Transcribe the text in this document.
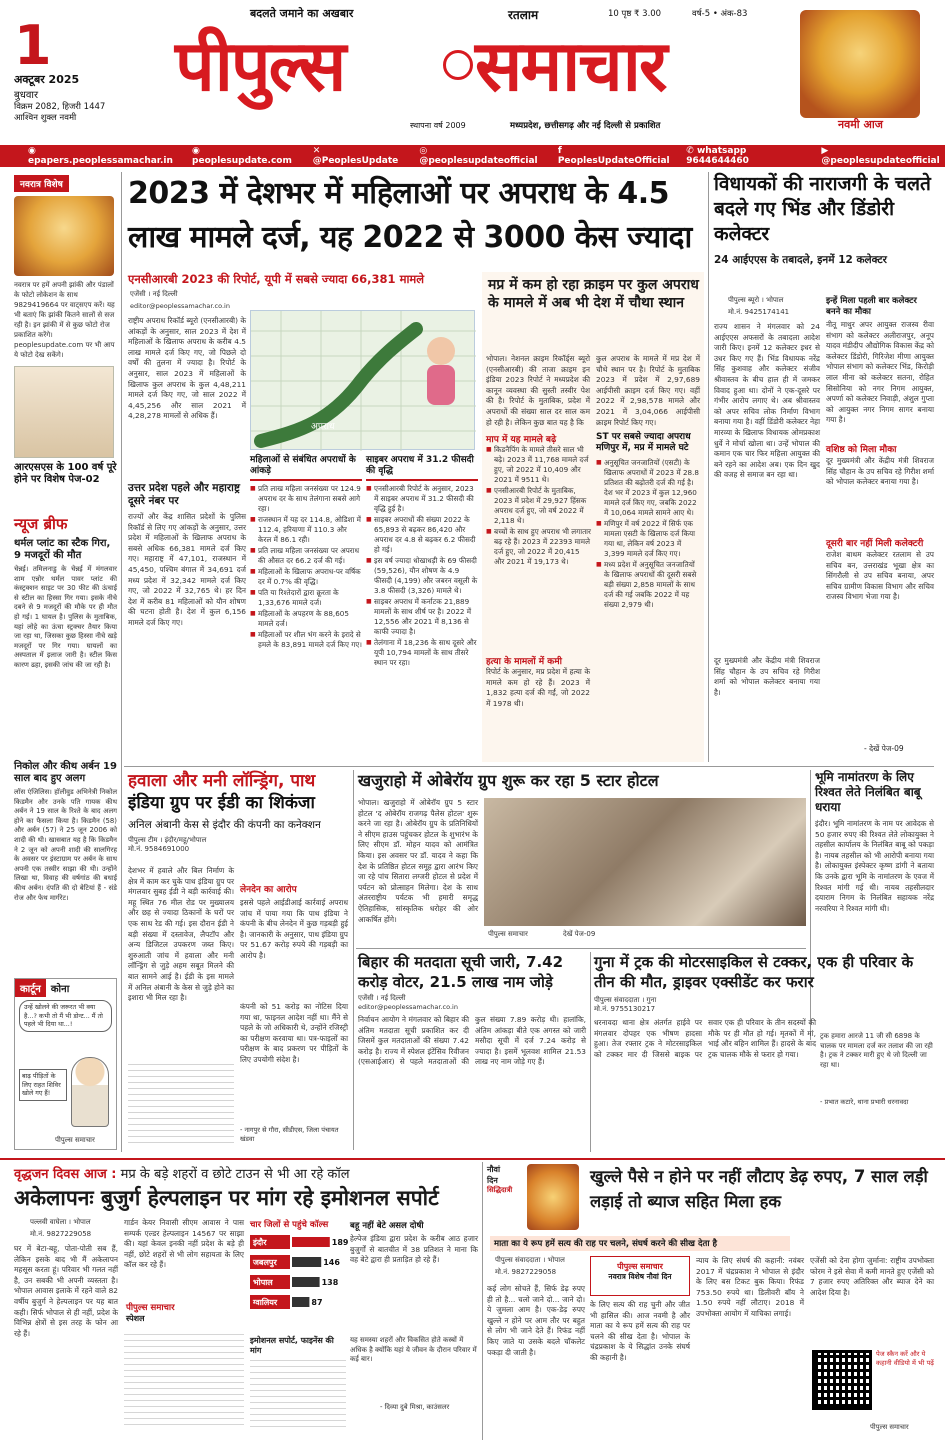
1
अक्टूबर 2025
बुधवार
विक्रम 2082, हिजरी 1447
आश्विन शुक्ल नवमी
बदलते जमाने का अखबार	रतलाम	10 पृष्ठ ₹ 3.00	वर्ष-5 • अंक-83
पीपुल्स समाचार
स्थापना वर्ष 2009	मध्यप्रदेश, छत्तीसगढ़ और नई दिल्ली से प्रकाशित	नवमी आज
◉ epapers.peoplessamachar.in
◉ peoplesupdate.com
✕ @PeoplesUpdate
◎ @peoplesupdateofficial
f PeoplesUpdateOfficial
✆ whatsapp 9644644460
▶ @peoplesupdateofficial
नवरात्र विशेष
नवरात्र पर हमें अपनी झांकी और पंडालों के फोटो लोकेशन के साथ 9829419664 पर वाट्सएप करें। यह भी बताएं कि झांकी कितने सालों से सज रही है। इन झांकी में से कुछ फोटो रोज प्रकाशित करेंगे। peoplesupdate.com पर भी आप ये फोटो देख सकेंगे।
आरएसएस के 100 वर्ष पूरे होने पर विशेष पेज-02
न्यूज ब्रीफ
थर्मल प्लांट का स्टैक गिरा, 9 मजदूरों की मौत
चेन्नई। तमिलनाडु के चेन्नई में मंगलवार शाम एन्नोर थर्मल पावर प्लांट की कंस्ट्रक्शन साइट पर 30 फीट की ऊंचाई से स्टील का हिस्सा गिर गया। इसके नीचे दबने से 9 मजदूरों की मौके पर ही मौत हो गई। 1 घायल है। पुलिस के मुताबिक, यहां लोहे का ऊंचा स्ट्रक्चर तैयार किया जा रहा था, जिसका कुछ हिस्सा नीचे खड़े मजदूरों पर गिर गया। घायलों का अस्पताल में इलाज जारी है। स्टील किस कारण ढहा, इसकी जांच की जा रही है।
निकोल और कीथ अर्बन 19 साल बाद हुए अलग
लॉस एंजिलिस। हॉलीवुड अभिनेत्री निकोल किडमैन और उनके पति गायक कीथ अर्बन ने 19 साल के रिश्ते के बाद अलग होने का फैसला किया है। किडमैन (58) और अर्बन (57) ने 25 जून 2006 को शादी की थी। खासबात यह है कि किडमैन ने 2 जून को अपनी शादी की सालगिरह के अवसर पर इंस्टाग्राम पर अर्बन के साथ अपनी एक तस्वीर साझा की थी। उन्होंने लिखा था, विवाह की वर्षगांठ की बधाई कीथ अर्बन। दंपति की दो बेटियां हैं - संडे रोज और फेथ मार्गरेट।
कार्टून	कोना
उन्हें खोलने की जरूरत भी क्या है...? कभी तो मैं भी डोन्ट... मैं तो पहले भी दिया था...!
बाढ़ पीड़ितों के लिए राहत शिविर खोले गए हैं!
पीपुल्स समाचार
2023 में देशभर में महिलाओं पर अपराध के 4.5
लाख मामले दर्ज, यह 2022 से 3000 केस ज्यादा
एनसीआरबी 2023 की रिपोर्ट, यूपी में सबसे ज्यादा 66,381 मामले
एजेंसी । नई दिल्ली
editor@peoplessamachar.co.in
राष्ट्रीय अपराध रिकॉर्ड ब्यूरो (एनसीआरबी) के आंकड़ों के अनुसार, साल 2023 में देश में महिलाओं के खिलाफ अपराध के करीब 4.5 लाख मामले दर्ज किए गए, जो पिछले दो वर्षों की तुलना में ज्यादा है। रिपोर्ट के अनुसार, साल 2023 में महिलाओं के खिलाफ कुल अपराध के कुल 4,48,211 मामले दर्ज किए गए, जो साल 2022 में 4,45,256 और साल 2021 में 4,28,278 मामलों से अधिक हैं।
उत्तर प्रदेश पहले और महाराष्ट्र दूसरे नंबर पर
राज्यों और केंद्र शासित प्रदेशों के पुलिस रिकॉर्ड से लिए गए आंकड़ों के अनुसार, उत्तर प्रदेश में महिलाओं के खिलाफ अपराध के सबसे अधिक 66,381 मामले दर्ज किए गए। महाराष्ट्र में 47,101, राजस्थान में 45,450, पश्चिम बंगाल में 34,691 दर्ज मध्य प्रदेश में 32,342 मामले दर्ज किए गए, जो 2022 में 32,765 थे। हर दिन देश में करीब 81 महिलाओं को यौन शोषण की घटना होती है। देश में कुल 6,156 मामले दर्ज किए गए।
अपराध
महिलाओं से संबंधित अपराधों के आंकड़े

■ प्रति लाख महिला जनसंख्या पर 124.9 अपराध दर के साथ तेलंगाना सबसे आगे रहा।

■ राजस्थान में यह दर 114.8, ओडिशा में 112.4, हरियाणा में 110.3 और केरल में 86.1 रही।

■ प्रति लाख महिला जनसंख्या पर अपराध की औसत दर 66.2 दर्ज की गई।

■ महिलाओं के खिलाफ अपराध-पर वर्षिक दर में 0.7% की वृद्धि।

■ पति या रिश्तेदारों द्वारा क्रूरता के 1,33,676 मामले दर्ज।

■ महिलाओं के अपहरण के 88,605 मामले दर्ज।

■ महिलाओं पर शील भंग करने के इरादे से हमले के 83,891 मामले दर्ज किए गए।

साइबर अपराध में 31.2 फीसदी की वृद्धि

■ एनसीआरबी रिपोर्ट के अनुसार, 2023 में साइबर अपराध में 31.2 फीसदी की वृद्धि हुई है।

■ साइबर अपराधों की संख्या 2022 के 65,893 से बढ़कर 86,420 और अपराध दर 4.8 से बढ़कर 6.2 फीसदी हो गई।

■ इस वर्ष ज्यादा धोखाधड़ी के 69 फीसदी (59,526), यौन शोषण के 4.9 फीसदी (4,199) और जबरन वसूली के 3.8 फीसदी (3,326) मामले थे।

■ साइबर अपराध में कर्नाटक 21,889 मामलों के साथ शीर्ष पर है। 2022 में 12,556 और 2021 में 8,136 से काफी ज्यादा है।

■ तेलंगाना में 18,236 के साथ दूसरे और यूपी 10,794 मामलों के साथ तीसरे स्थान पर रहा।

मप्र में कम हो रहा क्राइम पर कुल अपराध के मामले में अब भी देश में चौथा स्थान
भोपाल। नेशनल क्राइम रिकॉर्ड्स ब्यूरो (एनसीआरबी) की ताजा क्राइम इन इंडिया 2023 रिपोर्ट ने मध्यप्रदेश की कानून व्यवस्था की सुस्ती तस्वीर पेश की है। रिपोर्ट के मुताबिक, प्रदेश में अपराधों की संख्या साल दर साल कम हो रही है। लेकिन कुछ बात यह है कि
कुल अपराध के मामले में मप्र देश में चौथे स्थान पर है। रिपोर्ट के मुताबिक 2023 में प्रदेश में 2,97,689 आईपीसी क्राइम दर्ज किए गए। वहीं 2022 में 2,98,578 मामले और 2021 में 3,04,066 आईपीसी क्राइम रिपोर्ट किए गए।
माप में यह मामले बढ़े

■ किडनैपिंग के मामले तीसरे साल भी बढ़े। 2023 में 11,768 मामले दर्ज हुए, जो 2022 में 10,409 और 2021 में 9511 थे।

■ एनसीआरबी रिपोर्ट के मुताबिक, 2023 में प्रदेश में 29,927 हिंसक अपराध दर्ज हुए, जो वर्ष 2022 में 2,118 थे।

■ बच्चों के साथ हुए अपराध भी लगातार बढ़ रहे हैं। 2023 में 22393 मामले दर्ज हुए, जो 2022 में 20,415 और 2021 में 19,173 थे।

हत्या के मामलों में कमी
रिपोर्ट के अनुसार, मप्र प्रदेश में हत्या के मामले कम हो रहे हैं। 2023 में 1,832 हत्या दर्ज की गईं, जो 2022 में 1978 थी।
ST पर सबसे ज्यादा अपराध मणिपुर में, मप्र में मामले घटे

■ अनुसूचित जनजातियों (एसटी) के खिलाफ अपराधों में 2023 में 28.8 प्रतिशत की बढ़ोतरी दर्ज की गई है। देश भर में 2023 में कुल 12,960 मामले दर्ज किए गए, जबकि 2022 में 10,064 मामले सामने आए थे।

■ मणिपुर में वर्ष 2022 में सिर्फ एक मामला एसटी के खिलाफ दर्ज किया गया था, लेकिन वर्ष 2023 में 3,399 मामले दर्ज किए गए।

■ मध्य प्रदेश में अनुसूचित जनजातियों के खिलाफ अपराधों की दूसरी सबसे बड़ी संख्या 2,858 मामलों के साथ दर्ज की गई जबकि 2022 में यह संख्या 2,979 थी।

विधायकों की नाराजगी के चलते बदले गए भिंड और डिंडोरी कलेक्टर
24 आईएएस के तबादले, इनमें 12 कलेक्टर
पीपुल्स ब्यूरो । भोपाल
मो.नं. 9425174141
राज्य शासन ने मंगलवार को 24 आईएएस अफसरों के तबादला आदेश जारी किए। इनमें 12 कलेक्टर इधर से उधर किए गए हैं। भिंड विधायक नरेंद्र सिंह कुशवाह और कलेक्टर संजीव श्रीवास्तव के बीच हाल ही में जमकर विवाद हुआ था। दोनों ने एक-दूसरे पर गंभीर आरोप लगाए थे। अब श्रीवास्तव को अपर सचिव लोक निर्माण विभाग बनाया गया है। वहीं डिंडोरी कलेक्टर नेहा मारव्या के खिलाफ विधायक ओमप्रकाश धुर्वे ने मोर्चा खोला था। उन्हें भोपाल की कमान एक चार फिर महिला आयुक्त की बने रहने का आदेश अब। एक दिन खुद की वजह से समाज बन रहा था।
दूर मुख्यमंत्री और केंद्रीय मंत्री शिवराज सिंह चौहान के उप सचिव रहे गिरीश शर्मा को भोपाल कलेक्टर बनाया गया है।
इन्हें मिला पहली बार कलेक्टर बनने का मौका
नीतू माथुर अपर आयुक्त राजस्व रीवा संभाग को कलेक्टर अलीराजपुर, अनूप यादव मंडीदीप औद्योगिक विकास केंद्र को कलेक्टर डिंडोरी, गिरिजेश मीणा आयुक्त भोपाल संभाग को कलेक्टर भिंड, किरोड़ी लाल मीना को कलेक्टर सतना, रोहित सिसोनिया को नगर निगम आयुक्त, अपर्णा को कलेक्टर निवाड़ी, अंशुल गुप्ता को आयुक्त नगर निगम सागर बनाया गया है।
वशिष्ठ को मिला मौका
दूर मुख्यमंत्री और केंद्रीय मंत्री शिवराज सिंह चौहान के उप सचिव रहे गिरीश शर्मा को भोपाल कलेक्टर बनाया गया है।
दूसरी बार नहीं मिली कलेक्टरी
राजेश बाथम कलेक्टर रतलाम से उप सचिव बन, उत्तराखंड भूखा क्षेत्र का सिंगरौली से उप सचिव बनाया, अपर सचिव ग्रामीण विकास विभाग और सचिव राजस्व विभाग भेजा गया है।
- देखें पेज-09
हवाला और मनी लॉन्ड्रिंग, पाथ
इंडिया ग्रुप पर ईडी का शिकंजा
अनिल अंबानी केस से इंदौर की कंपनी का कनेक्शन
पीपुल्स टीम । इंदौर/महू/भोपाल
मो.नं. 9584691000
देशभर में हवाले और बिल निर्माण के क्षेत्र में काम कर चुके पाथ इंडिया ग्रुप पर मंगलवार सुबह ईडी ने बड़ी कार्रवाई की। महू स्थित 76 मील रोड पर मुख्यालय और छह से ज्यादा ठिकानों के घरों पर एक साथ रेड की गई। इस दौरान ईडी ने बड़ी संख्या में दस्तावेज, लैपटॉप और अन्य डिजिटल उपकरण जब्त किए। शुरुआती जांच में हवाला और मनी लॉन्ड्रिंग से जुड़े अहम सबूत मिलने की बात सामने आई है। ईडी के इस मामले में अनिल अंबानी के केस से जुड़े होने का इशारा भी मिल रहा है।
लेनदेन का आरोप
इससे पहले आईडीआई कार्रवाई अपराध जांच में पाया गया कि पाथ इंडिया ने कंपनी के बीच लेनदेन में कुछ गड़बड़ी हुई है। जानकारी के अनुसार, पाथ इंडिया ग्रुप पर 51.67 करोड़ रुपये की गड़बड़ी का आरोप है।
कंपनी को 51 करोड़ का नोटिस दिया गया था, फाइनल आदेश नहीं था। मैंने से पहले के जो अधिकारी थे, उन्होंने रजिस्ट्री का परीक्षण करवाया था। पत्र-फाइलों का परीक्षण के बाद प्रकरण पर पीड़ितों के लिए उपयोगी संदेश है।
- नागपुर से गौरा, सीडीएस, जिला पंचायत खंडवा
खजुराहो में ओबेरॉय ग्रुप शुरू कर रहा 5 स्टार होटल
भोपाल। खजुराहो में ओबेरॉय ग्रुप 5 स्टार होटल 'द ओबेरॉय राजगढ़ पैलेस होटल' शुरू करने जा रहा है। ओबेरॉय ग्रुप के प्रतिनिधियों ने सीएम हाउस पहुंचकर होटल के शुभारंभ के लिए सीएम डॉ. मोहन यादव को आमंत्रित किया। इस अवसर पर डॉ. यादव ने कहा कि देश के प्रतिष्ठित होटल समूह द्वारा आरंभ किए जा रहे पांच सितारा लग्जरी होटल से प्रदेश में पर्यटन को प्रोत्साहन मिलेगा। देश के साथ अंतरराष्ट्रीय पर्यटक भी हमारी समृद्ध ऐतिहासिक, सांस्कृतिक धरोहर की ओर आकर्षित होंगे।
पीपुल्स समाचार	देखें पेज-09
भूमि नामांतरण के लिए रिश्वत लेते निलंबित बाबू धराया
इंदौर। भूमि नामांतरण के नाम पर आवेदक से 50 हजार रुपए की रिश्वत लेते लोकायुक्त ने तहसील कार्यालय के निलंबित बाबू को पकड़ा है। नायब तहसील को भी आरोपी बनाया गया है। लोकायुक्त इंस्पेक्टर कृष्ण डांगी ने बताया कि उनके द्वारा भूमि के नामांतरण के एवज में रिश्वत मांगी गई थी। नायब तहसीलदार दयाराम निगम के निलंबित सहायक नरेंद्र नरवरिया ने रिश्वत मांगी थी।
बिहार की मतदाता सूची जारी, 7.42 करोड़ वोटर, 21.5 लाख नाम जोड़े
एजेंसी । नई दिल्ली
editor@peoplessamachar.co.in
निर्वाचन आयोग ने मंगलवार को बिहार की अंतिम मतदाता सूची प्रकाशित कर दी जिसमें कुल मतदाताओं की संख्या 7.42 करोड़ है। राज्य में स्पेशल इंटेंसिव रिवीजन (एसआईआर) से पहले मतदाताओं की कुल संख्या 7.89 करोड़ थी। हालांकि, अंतिम आंकड़ा बीते एक अगस्त को जारी मसौदा सूची में दर्ज 7.24 करोड़ से ज्यादा है। इसमें भूलवश शामिल 21.53 लाख नए नाम जोड़े गए हैं।
गुना में ट्रक की मोटरसाइकिल से टक्कर, एक ही परिवार के तीन की मौत, ड्राइवर एक्सीडेंट कर फरार
पीपुल्स संवाददाता । गुना
मो.नं. 9755130217
धरनावदा थाना क्षेत्र अंतर्गत हाईवे पर मंगलवार दोपहर एक भीषण हादसा हुआ। तेज रफ्तार ट्रक ने मोटरसाइकिल को टक्कर मार दी जिससे बाइक पर सवार एक ही परिवार के तीन सदस्यों की मौके पर ही मौत हो गई। मृतकों में मां, भाई और बहिन शामिल हैं। हादसे के बाद ट्रक चालक मौके से फरार हो गया।
ट्रक हमारा आरजे 11 जी सी 6898 के चालक पर मामला दर्ज कर तलाश की जा रही है। ट्रक ने टक्कर मारी हुए थे जो दिल्ली जा रहा था।
- प्रभात कटारे, थाना प्रभारी धरनावदा
वृद्धजन दिवस आज : मप्र के बड़े शहरों व छोटे टाउन से भी आ रहे कॉल
अकेलापनः बुजुर्ग हेल्पलाइन पर मांग रहे इमोशनल सपोर्ट
पल्लवी वाघेला । भोपाल
मो.नं. 9827229058
घर में बेटा-बहू, पोता-पोती सब हैं, लेकिन इसके बाद भी मैं अकेलापन महसूस करता हूं। परिवार भी गलत नहीं है, उन सबकी भी अपनी व्यस्तता है। भोपाल आवास इलाके में रहने वाले 82 वर्षीय बुजुर्ग ने हेल्पलाइन पर यह बात कही। सिर्फ भोपाल से ही नहीं, प्रदेश के विभिन्न क्षेत्रों से इस तरह के फोन आ रहे हैं।
पीपुल्स समाचार
स्पेशल
गार्डन केयर निवासी सीएम आवास ने पास सम्पर्क एल्डर हेल्पलाइन 14567 पर साझा की। यहां केवल इनकी नहीं प्रदेश के बड़े ही नहीं, छोटे शहरों से भी लोग सहायता के लिए कॉल कर रहे हैं।
चार जिलों से पहुंचे कॉल्स
इंदौर	189
जबलपुर	146
भोपाल	138
ग्वालियर	87
इमोशनल सपोर्ट, फाइनेंस की मांग
बहू नहीं बेटे असल दोषी
हेल्पेज इंडिया द्वारा प्रदेश के करीब आठ हजार बुजुर्गों से बातचीत में 38 प्रतिशत ने माना कि वह बेटे द्वारा ही प्रताड़ित हो रहे हैं।
यह समस्या शहरों और विकसित होते कस्बों में अधिक है क्योंकि यहां ये जीवन के दौरान परिवार में कई बार।
- दिव्या दुबे मिश्रा, काउंसलर
नौवां
दिन
सिद्धिदात्री
खुल्ले पैसे न होने पर नहीं लौटाए डेढ़ रुपए, 7 साल लड़ी लड़ाई तो ब्याज सहित मिला हक
माता का ये रूप हमें सत्य की राह पर चलने, संघर्ष करने की सीख देता है
पीपुल्स संवाददाता । भोपाल
मो.नं. 9827229058
कई लोग सोचते हैं, सिर्फ डेढ़ रुपए ही तो है... चलो जाने दो... जाने दो। ये जुमला आम है। एक-डेढ़ रुपए खुल्ले न होने पर आम तौर पर बहुत से लोग भी जाने देते हैं। रिफंड नहीं किए जाते या उसके बदले चॉकलेट पकड़ा दी जाती है।
पीपुल्स समाचार
नवरात्र विशेष नौवां दिन
के लिए सत्य की राह चुनी और जीत भी हासिल की। आज नवमी है और माता का ये रूप हमें सत्य की राह पर चलने की सीख देता है। भोपाल के चंद्रप्रकाश के ये सिद्धांत उनके संघर्ष की कहानी है।
न्याय के लिए संघर्ष की कहानी: नवंबर 2017 में चंद्रप्रकाश ने भोपाल से इंदौर के लिए बस टिकट बुक किया। रिफंड 753.50 रुपये था। डिलीवरी बॉय ने 1.50 रुपये नहीं लौटाए। 2018 में उपभोक्ता आयोग में याचिका लगाई।
एजेंसी को देना होगा जुर्माना: राष्ट्रीय उपभोक्ता फोरम ने इसे सेवा में कमी मानते हुए एजेंसी को 7 हजार रुपए अतिरिक्त और ब्याज देने का आदेश दिया है।
पेज स्कैन करें और ये कहानी वीडियो में भी पढ़ें
पीपुल्स समाचार
